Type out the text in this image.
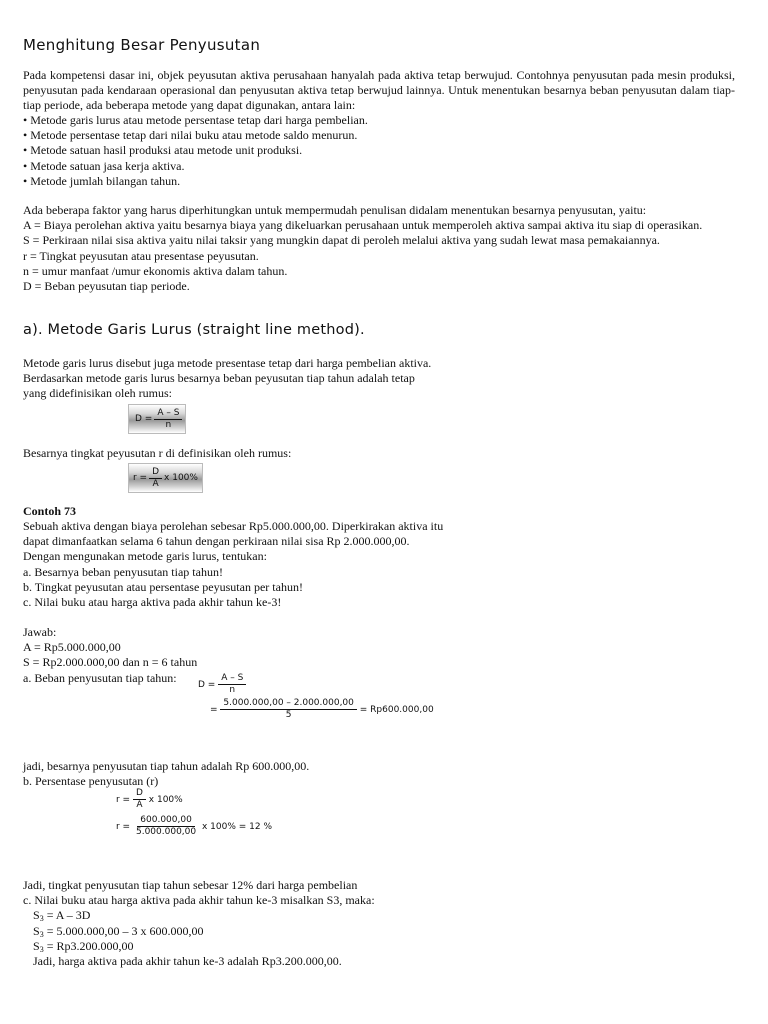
Menghitung Besar Penyusutan
Pada kompetensi dasar ini, objek peyusutan aktiva perusahaan hanyalah pada aktiva tetap berwujud. Contohnya penyusutan pada mesin produksi, penyusutan pada kendaraan operasional dan penyusutan aktiva tetap berwujud lainnya. Untuk menentukan besarnya beban penyusutan dalam tiap-tiap periode, ada beberapa metode yang dapat digunakan, antara lain:
• Metode garis lurus atau metode persentase tetap dari harga pembelian.
• Metode persentase tetap dari nilai buku atau metode saldo menurun.
• Metode satuan hasil produksi atau metode unit produksi.
• Metode satuan jasa kerja aktiva.
• Metode jumlah bilangan tahun.
Ada beberapa faktor yang harus diperhitungkan untuk mempermudah penulisan didalam menentukan besarnya penyusutan, yaitu:
A = Biaya perolehan aktiva yaitu besarnya biaya yang dikeluarkan perusahaan untuk memperoleh aktiva sampai aktiva itu siap di operasikan.
S = Perkiraan nilai sisa aktiva yaitu nilai taksir yang mungkin dapat di peroleh melalui aktiva yang sudah lewat masa pemakaiannya.
r = Tingkat peyusutan atau presentase peyusutan.
n = umur manfaat /umur ekonomis aktiva dalam tahun.
D = Beban peyusutan tiap periode.
a). Metode Garis Lurus (straight line method).
Metode garis lurus disebut juga metode presentase tetap dari harga pembelian aktiva.
Berdasarkan metode garis lurus besarnya beban peyusutan tiap tahun adalah tetap
yang didefinisikan oleh rumus:
$D = \frac{A - S}{n}$
Besarnya tingkat peyusutan r di definisikan oleh rumus:
$r = \frac{D}{A}$ x 100%
Contoh 73
Sebuah aktiva dengan biaya perolehan sebesar Rp5.000.000,00. Diperkirakan aktiva itu
dapat dimanfaatkan selama 6 tahun dengan perkiraan nilai sisa Rp 2.000.000,00.
Dengan mengunakan metode garis lurus, tentukan:
a. Besarnya beban penyusutan tiap tahun!
b. Tingkat peyusutan atau persentase peyusutan per tahun!
c. Nilai buku atau harga aktiva pada akhir tahun ke-3!
Jawab:
A = Rp5.000.000,00
S = Rp2.000.000,00 dan n = 6 tahun
a. Beban penyusutan tiap tahun:
$D = \frac{A - S}{n}$
= $\frac{5.000.000,00 - 2.000.000,00}{5} = Rp600.000,00$
jadi, besarnya penyusutan tiap tahun adalah Rp 600.000,00.
b. Persentase penyusutan (r)
$r = \frac{D}{A}$ x 100%
$r = \frac{600.000,00}{5.000.000,00}$ x 100% = 12 %
Jadi, tingkat penyusutan tiap tahun sebesar 12% dari harga pembelian
c. Nilai buku atau harga aktiva pada akhir tahun ke-3 misalkan S3, maka:
$S_3 = A - 3D$
$S_3 = 5.000.000,00 - 3$ x 600.000,00
$S_3 = Rp3.200.000,00$
Jadi, harga aktiva pada akhir tahun ke-3 adalah Rp3.200.000,00.
